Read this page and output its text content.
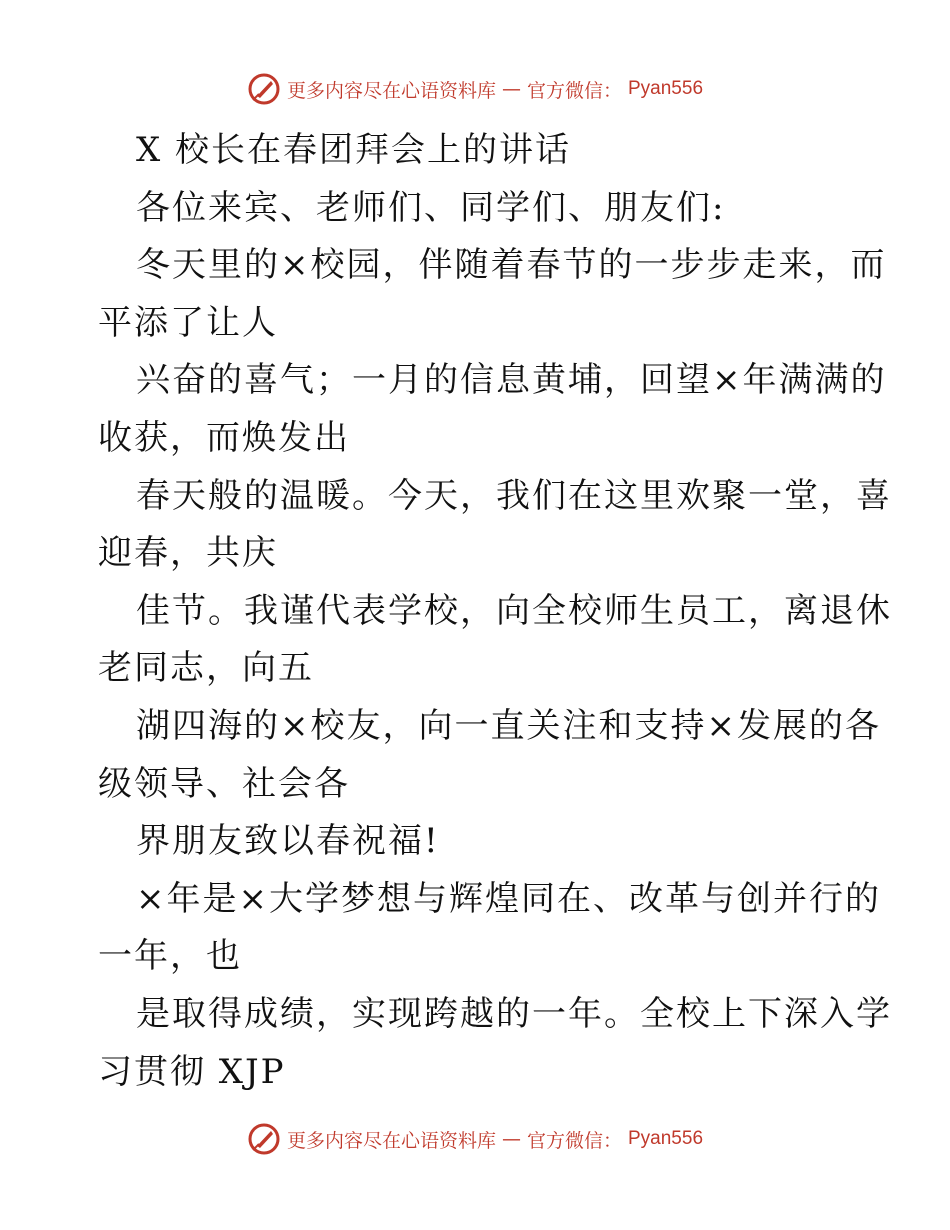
更多内容尽在心语资料库 — 官方微信： Pyan556

X 校长在春团拜会上的讲话

各位来宾、老师们、同学们、朋友们:

冬天里的×校园，伴随着春节的一步步走来，而

平添了让人

兴奋的喜气；一月的信息黄埔，回望×年满满的

收获，而焕发出

春天般的温暖。今天，我们在这里欢聚一堂，喜

迎春，共庆

佳节。我谨代表学校，向全校师生员工，离退休

老同志，向五

湖四海的×校友，向一直关注和支持×发展的各

级领导、社会各

界朋友致以春祝福!

×年是×大学梦想与辉煌同在、改革与创并行的

一年，也

是取得成绩，实现跨越的一年。全校上下深入学

习贯彻 XJP

更多内容尽在心语资料库 — 官方微信： Pyan556
